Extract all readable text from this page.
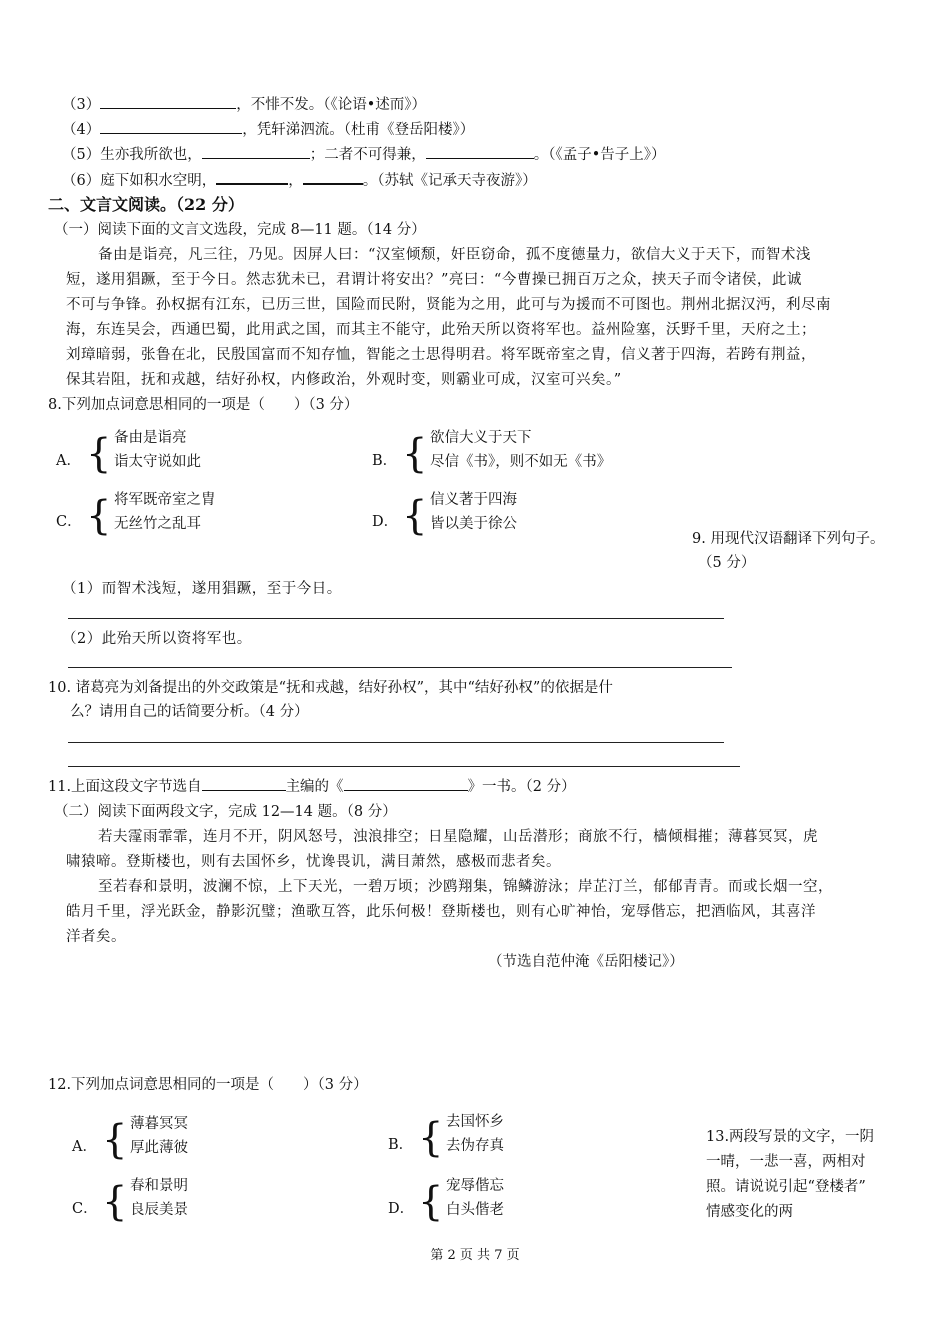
（3）	，不悱不发。（《论语•述而》）
（4）	，凭轩涕泗流。（杜甫《登岳阳楼》）
（5）生亦我所欲也，	；二者不可得兼，	。（《孟子•告子上》）
（6）庭下如积水空明，	，	。（苏轼《记承天寺夜游》）
二、文言文阅读。（22 分）
（一）阅读下面的文言文选段，完成 8—11 题。（14 分）
备由是诣亮，凡三往，乃见。因屏人曰：“汉室倾颓，奸臣窃命，孤不度德量力，欲信大义于天下，而智术浅
短，遂用猖蹶，至于今日。然志犹未已，君谓计将安出？”亮曰：“今曹操已拥百万之众，挟天子而令诸侯，此诚
不可与争锋。孙权据有江东，已历三世，国险而民附，贤能为之用，此可与为援而不可图也。荆州北据汉沔，利尽南
海，东连吴会，西通巴蜀，此用武之国，而其主不能守，此殆天所以资将军也。益州险塞，沃野千里，天府之土；
刘璋暗弱，张鲁在北，民殷国富而不知存恤，智能之士思得明君。将军既帝室之胄，信义著于四海，若跨有荆益，
保其岩阻，抚和戎越，结好孙权，内修政治，外观时变，则霸业可成，汉室可兴矣。”
8.下列加点词意思相同的一项是（　　）（3 分）
A． { 备由是诣亮
诣太守说如此	B． { 欲信大义于天下
尽信《书》，则不如无《书》
C． { 将军既帝室之胄
无丝竹之乱耳	D． { 信义著于四海
皆以美于徐公
9. 用现代汉语翻译下列句子。
（5 分）
（1）而智术浅短，遂用猖蹶，至于今日。
（2）此殆天所以资将军也。
10. 诸葛亮为刘备提出的外交政策是“抚和戎越，结好孙权”，其中“结好孙权”的依据是什
么？请用自己的话简要分析。（4 分）
11.上面这段文字节选自	主编的《	》一书。（2 分）
（二）阅读下面两段文字，完成 12—14 题。（8 分）
若夫霪雨霏霏，连月不开，阴风怒号，浊浪排空；日星隐耀，山岳潜形；商旅不行，樯倾楫摧；薄暮冥冥，虎
啸猿啼。登斯楼也，则有去国怀乡，忧谗畏讥，满目萧然，感极而悲者矣。
至若春和景明，波澜不惊，上下天光，一碧万顷；沙鸥翔集，锦鳞游泳；岸芷汀兰，郁郁青青。而或长烟一空，
皓月千里，浮光跃金，静影沉璧；渔歌互答，此乐何极！登斯楼也，则有心旷神怡，宠辱偕忘，把酒临风，其喜洋
洋者矣。
（节选自范仲淹《岳阳楼记》）
12.下列加点词意思相同的一项是（　　）（3 分）
A． { 薄暮冥冥
厚此薄彼	B． { 去国怀乡
去伪存真
C． { 春和景明
良辰美景	D． { 宠辱偕忘
白头偕老
13.两段写景的文字，一阴
一晴，一悲一喜，两相对
照。请说说引起“登楼者”
情感变化的两
第 2 页 共 7 页
